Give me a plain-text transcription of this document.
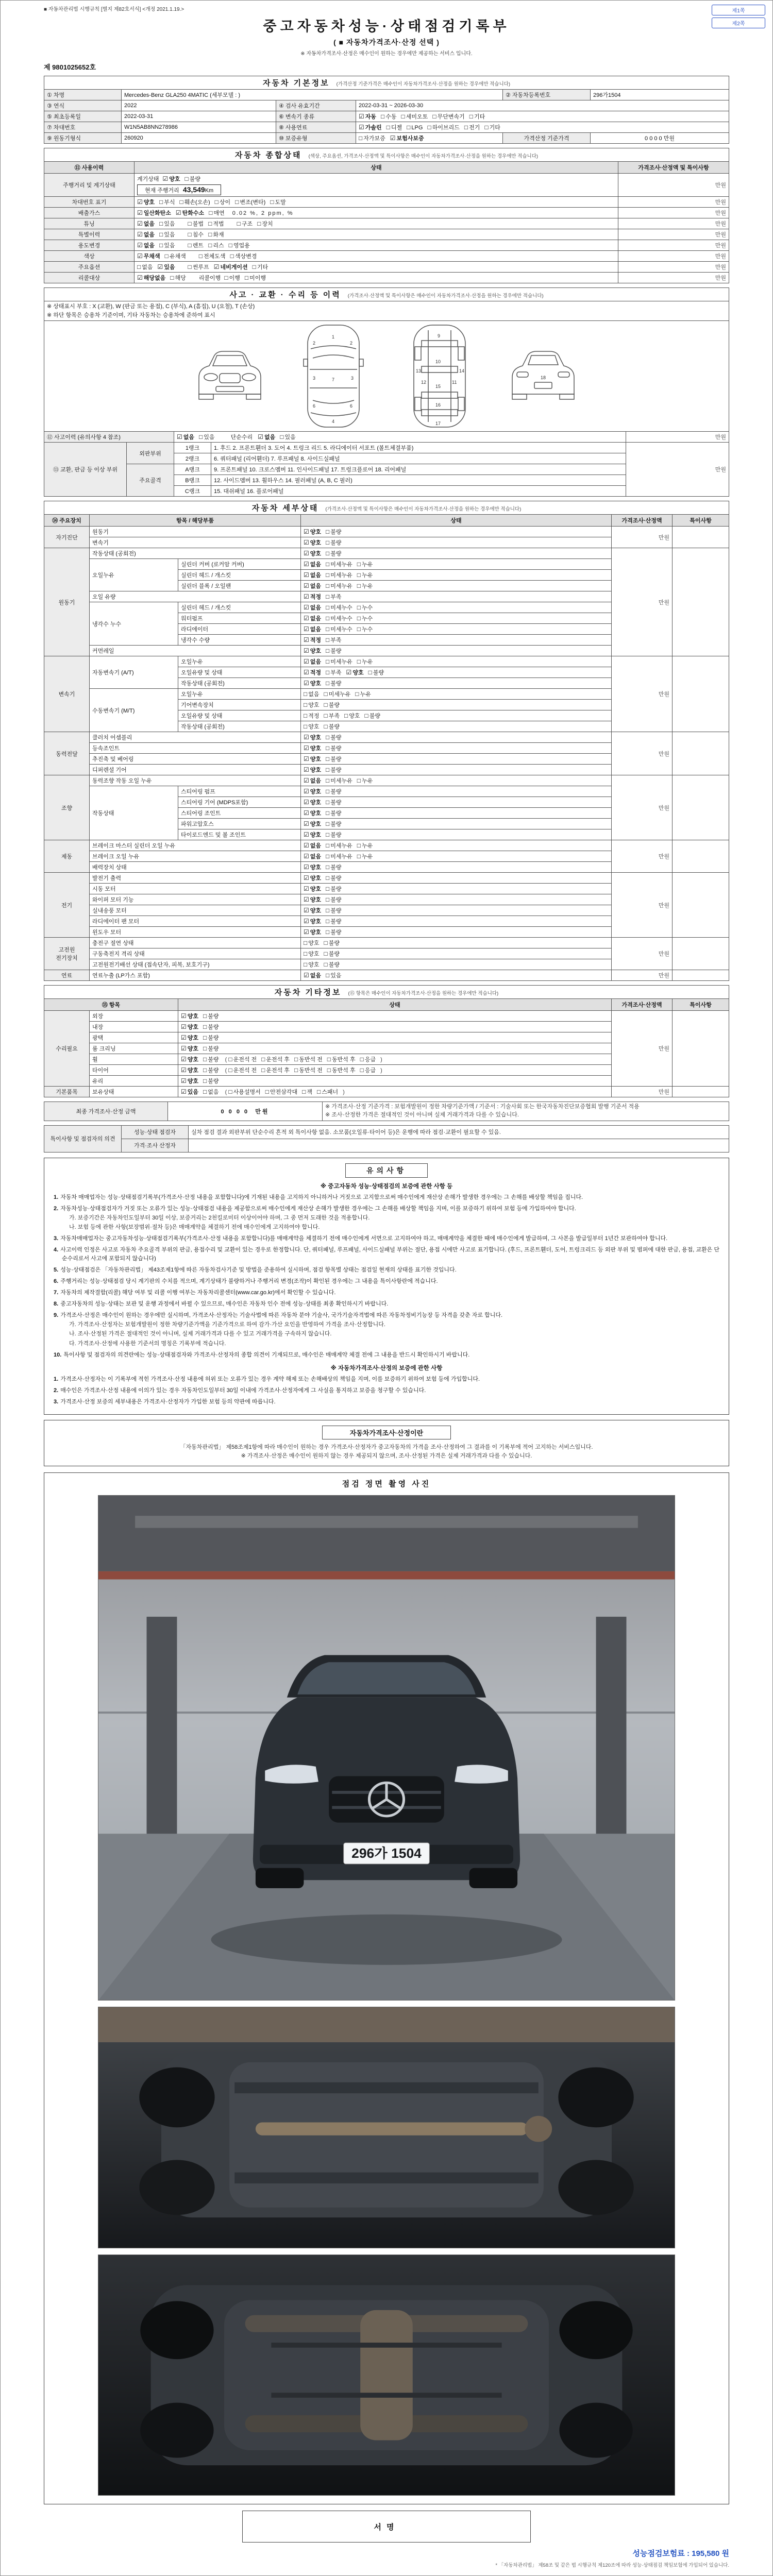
제1쪽
제2쪽
■ 자동차관리법 시행규칙 [별지 제82호서식] <개정 2021.1.19.>
중고자동차성능·상태점검기록부
( ■ 자동차가격조사·산정 선택 )
※ 자동차가격조사·산정은 매수인이 원하는 경우에만 제공하는 서비스 입니다.
제 9801025652호
자동차 기본정보 (가격산정 기준가격은 매수인이 자동차가격조사·산정을 원하는 경우에만 적습니다)					
① 차명	Mercedes-Benz GLA250 4MATIC (세부모델 : )			② 자동차등록번호	296가1504
③ 연식	2022	④ 검사 유효기간	2022-03-31 ~ 2026-03-30		
⑤ 최초등록일	2022-03-31	⑥ 변속기 종류	☑ 자동 □ 수동 □ 세미오토 □ 무단변속기 □ 기타		
⑦ 차대번호	W1N5AB8NN278986	⑧ 사용연료	☑ 가솔린 □ 디젤 □ LPG □ 하이브리드 □ 전기 □ 기타		
⑨ 원동기형식	260920	⑩ 보증유형	□ 자가보증 ☑ 보험사보증	가격산정 기준가격	0 0 0 0 만원
자동차 종합상태 (색상, 주요옵션, 가격조사·산정액 및 특이사항은 매수인이 자동차가격조사·산정을 원하는 경우에만 적습니다)		
⑪ 사용이력	상태	가격조사·산정액 및 특이사항
주행거리 및 계기상태	계기상태 ☑ 양호 □ 불량
현재 주행거리 43,549Km	만원
차대번호 표기	☑ 양호 □ 부식 □ 훼손(오손) □ 상이 □ 변조(변타) □ 도말	만원
배출가스	☑ 일산화탄소 ☑ 탄화수소 □ 매연 0.02 %, 2 ppm, %	만원
튜닝	☑ 없음 □ 있음 □ 불법 □ 적법 □ 구조 □ 장치	만원
특별이력	☑ 없음 □ 있음 □ 침수 □ 화재	만원
용도변경	☑ 없음 □ 있음 □ 렌트 □ 리스 □ 영업용	만원
색상	☑ 무채색 □ 유채색 □ 전체도색 □ 색상변경	만원
주요옵션	□ 없음 ☑ 있음 □ 썬루프 ☑ 네비게이션 □ 기타	만원
리콜대상	☑ 해당없음 □ 해당 리콜이행 □ 이행 □ 미이행	만원
사고 · 교환 · 수리 등 이력 (가격조사·산정액 및 특이사항은 매수인이 자동차가격조사·산정을 원하는 경우에만 적습니다)				

※ 상태표시 부호 : X (교환), W (판금 또는 용접), C (부식), A (흠집), U (요철), T (손상)
※ 하단 항목은 승용차 기준이며, 기타 자동차는 승용차에 준하여 표시				

1
2	2
3	3
7
6	6
4
9
10
12	11
13	14
15
16
17
18

⑫ 사고이력 (유의사항 4 참조)		☑ 없음 □ 있음 단순수리 ☑ 없음 □ 있음		만원
⑬ 교환, 판금 등 이상 부위	외판부위	1랭크	1. 후드 2. 프론트휀더 3. 도어 4. 트렁크 리드 5. 라디에이터 서포트 (볼트체결부품)	만원
		2랭크	6. 쿼터패널 (리어휀더) 7. 루프패널 8. 사이드실패널	
	주요골격	A랭크	9. 프론트패널 10. 크로스멤버 11. 인사이드패널 17. 트렁크플로어 18. 리어패널	
		B랭크	12. 사이드멤버 13. 휠하우스 14. 필러패널 (A, B, C 필러)	
		C랭크	15. 대쉬패널 16. 플로어패널	
자동차 세부상태 (가격조사·산정액 및 특이사항은 매수인이 자동차가격조사·산정을 원하는 경우에만 적습니다)					
⑭ 주요장치	항목 / 해당부품		상태	가격조사·산정액	특이사항
자기진단	원동기		☑ 양호 □ 불량	만원	
	변속기		☑ 양호 □ 불량		
원동기	작동상태 (공회전)		☑ 양호 □ 불량	만원	
	오일누유	실린더 커버 (로커암 커버)	☑ 없음 □ 미세누유 □ 누유		
		실린더 헤드 / 개스킷	☑ 없음 □ 미세누유 □ 누유		
		실린더 블록 / 오일팬	☑ 없음 □ 미세누유 □ 누유		
	오일 유량		☑ 적정 □ 부족		
	냉각수 누수	실린더 헤드 / 개스킷	☑ 없음 □ 미세누수 □ 누수		
		워터펌프	☑ 없음 □ 미세누수 □ 누수		
		라디에이터	☑ 없음 □ 미세누수 □ 누수		
		냉각수 수량	☑ 적정 □ 부족		
	커먼레일		☑ 양호 □ 불량		
변속기	자동변속기 (A/T)	오일누유	☑ 없음 □ 미세누유 □ 누유	만원	
		오일유량 및 상태	☑ 적정 □ 부족 ☑ 양호 □ 불량		
		작동상태 (공회전)	☑ 양호 □ 불량		
	수동변속기 (M/T)	오일누유	□ 없음 □ 미세누유 □ 누유		
		기어변속장치	□ 양호 □ 불량		
		오일유량 및 상태	□ 적정 □ 부족 □ 양호 □ 불량		
		작동상태 (공회전)	□ 양호 □ 불량		
동력전달	클러치 어셈블리		☑ 양호 □ 불량	만원	
	등속조인트		☑ 양호 □ 불량		
	추진축 및 베어링		☑ 양호 □ 불량		
	디퍼렌셜 기어		☑ 양호 □ 불량		
조향	동력조향 작동 오일 누유		☑ 없음 □ 미세누유 □ 누유	만원	
	작동상태	스티어링 펌프	☑ 양호 □ 불량		
		스티어링 기어 (MDPS포함)	☑ 양호 □ 불량		
		스티어링 조인트	☑ 양호 □ 불량		
		파워고압호스	☑ 양호 □ 불량		
		타이로드엔드 및 볼 조인트	☑ 양호 □ 불량		
제동	브레이크 마스터 실린더 오일 누유		☑ 없음 □ 미세누유 □ 누유	만원	
	브레이크 오일 누유		☑ 없음 □ 미세누유 □ 누유		
	배력장치 상태		☑ 양호 □ 불량		
전기	발전기 출력		☑ 양호 □ 불량	만원	
	시동 모터		☑ 양호 □ 불량		
	와이퍼 모터 기능		☑ 양호 □ 불량		
	실내송풍 모터		☑ 양호 □ 불량		
	라디에이터 팬 모터		☑ 양호 □ 불량		
	윈도우 모터		☑ 양호 □ 불량		
고전원 전기장치	충전구 절연 상태		□ 양호 □ 불량	만원	
	구동축전지 격리 상태		□ 양호 □ 불량		
	고전원전기배선 상태 (접속단자, 피복, 보호기구)		□ 양호 □ 불량		
연료	연료누출 (LP가스 포함)		☑ 없음 □ 있음	만원	
자동차 기타정보 (⑮ 항목은 매수인이 자동차가격조사·산정을 원하는 경우에만 적습니다)				
⑮ 항목		상태	가격조사·산정액	특이사항
수리필요	외장	☑ 양호 □ 불량	만원	
	내장	☑ 양호 □ 불량		
	광택	☑ 양호 □ 불량		
	룸 크리닝	☑ 양호 □ 불량		
	휠	☑ 양호 □ 불량 ( □ 운전석 전 □ 운전석 후 □ 동반석 전 □ 동반석 후 □ 응급 )		
	타이어	☑ 양호 □ 불량 ( □ 운전석 전 □ 운전석 후 □ 동반석 전 □ 동반석 후 □ 응급 )		
	유리	☑ 양호 □ 불량		
기본품목	보유상태	☑ 있음 □ 없음 ( □ 사용설명서 □ 안전삼각대 □ 잭 □ 스패너 )	만원	
최종 가격조사·산정 금액	0 0 0 0 만원	
※ 가격조사·산정 기준가격 : 보험개발원이 정한 차량기준가액 / 기준서 : 기술사회 또는 한국자동차진단보증협회 발행 기준서 적용
※ 조사·산정한 가격은 절대적인 것이 아니며 실제 거래가격과 다를 수 있습니다.
특이사항 및 점검자의 의견	성능·상태 점검자	실차 점검 결과 외판부위 단순수리 흔적 외 특이사항 없음. 소모품(오일류·타이어 등)은 운행에 따라 점검·교환이 필요할 수 있음.
	가격·조사 산정자	
유의사항
※ 중고자동차 성능·상태점검의 보증에 관한 사항 등
1. 자동차 매매업자는 성능·상태점검기록부(가격조사·산정 내용을 포함합니다)에 기재된 내용을 고지하지 아니하거나 거짓으로 고지함으로써 매수인에게 재산상 손해가 발생한 경우에는 그 손해를 배상할 책임을 집니다.
2. 자동차성능·상태점검자가 거짓 또는 오류가 있는 성능·상태점검 내용을 제공함으로써 매수인에게 재산상 손해가 발생한 경우에는 그 손해를 배상할 책임을 지며, 이를 보증하기 위하여 보험 등에 가입하여야 합니다.
가. 보증기간은 자동차인도일부터 30일 이상, 보증거리는 2천킬로미터 이상이어야 하며, 그 중 먼저 도래한 것을 적용합니다.
나. 보험 등에 관한 사항(보장범위·절차 등)은 매매계약을 체결하기 전에 매수인에게 고지하여야 합니다.
3. 자동차매매업자는 중고자동차성능·상태점검기록부(가격조사·산정 내용을 포함합니다)를 매매계약을 체결하기 전에 매수인에게 서면으로 고지하여야 하고, 매매계약을 체결한 때에 매수인에게 발급하며, 그 사본을 발급일부터 1년간 보관하여야 합니다.
4. 사고이력 인정은 사고로 자동차 주요골격 부위의 판금, 용접수리 및 교환이 있는 경우로 한정합니다. 단, 쿼터패널, 루프패널, 사이드실패널 부위는 절단, 용접 시에만 사고로 표기합니다. (후드, 프론트휀더, 도어, 트렁크리드 등 외판 부위 및 범퍼에 대한 판금, 용접, 교환은 단순수리로서 사고에 포함되지 않습니다)
5. 성능·상태점검은 「자동차관리법」 제43조제1항에 따른 자동차검사기준 및 방법을 준용하여 실시하며, 점검 항목별 상태는 점검일 현재의 상태를 표기한 것입니다.
6. 주행거리는 성능·상태점검 당시 계기판의 수치를 적으며, 계기상태가 불량하거나 주행거리 변경(조작)이 확인된 경우에는 그 내용을 특이사항란에 적습니다.
7. 자동차의 제작결함(리콜) 해당 여부 및 리콜 이행 여부는 자동차리콜센터(www.car.go.kr)에서 확인할 수 있습니다.
8. 중고자동차의 성능·상태는 보관 및 운행 과정에서 바뀔 수 있으므로, 매수인은 자동차 인수 전에 성능·상태를 최종 확인하시기 바랍니다.
9. 가격조사·산정은 매수인이 원하는 경우에만 실시하며, 가격조사·산정자는 기술사법에 따른 자동차 분야 기술사, 국가기술자격법에 따른 자동차정비기능장 등 자격을 갖춘 자로 합니다.
가. 가격조사·산정자는 보험개발원이 정한 차량기준가액을 기준가격으로 하여 감가·가산 요인을 반영하여 가격을 조사·산정합니다.
나. 조사·산정된 가격은 절대적인 것이 아니며, 실제 거래가격과 다를 수 있고 거래가격을 구속하지 않습니다.
다. 가격조사·산정에 사용한 기준서의 명칭은 기록부에 적습니다.
10. 특이사항 및 점검자의 의견란에는 성능·상태점검자와 가격조사·산정자의 종합 의견이 기재되므로, 매수인은 매매계약 체결 전에 그 내용을 반드시 확인하시기 바랍니다.
※ 자동차가격조사·산정의 보증에 관한 사항
1. 가격조사·산정자는 이 기록부에 적힌 가격조사·산정 내용에 허위 또는 오류가 있는 경우 계약 해제 또는 손해배상의 책임을 지며, 이를 보증하기 위하여 보험 등에 가입합니다.
2. 매수인은 가격조사·산정 내용에 이의가 있는 경우 자동차인도일부터 30일 이내에 가격조사·산정자에게 그 사실을 통지하고 보증을 청구할 수 있습니다.
3. 가격조사·산정 보증의 세부내용은 가격조사·산정자가 가입한 보험 등의 약관에 따릅니다.
자동차가격조사·산정이란
「자동차관리법」 제58조제1항에 따라 매수인이 원하는 경우 가격조사·산정자가 중고자동차의 가격을 조사·산정하여 그 결과를 이 기록부에 적어 고지하는 서비스입니다.
※ 가격조사·산정은 매수인이 원하지 않는 경우 제공되지 않으며, 조사·산정된 가격은 실제 거래가격과 다를 수 있습니다.
점검 정면 촬영 사진
296가 1504
서명
성능점검보험료 : 195,580 원
* 「자동차관리법」 제58조 및 같은 법 시행규칙 제120조에 따라 성능·상태점검 책임보험에 가입되어 있습니다.
